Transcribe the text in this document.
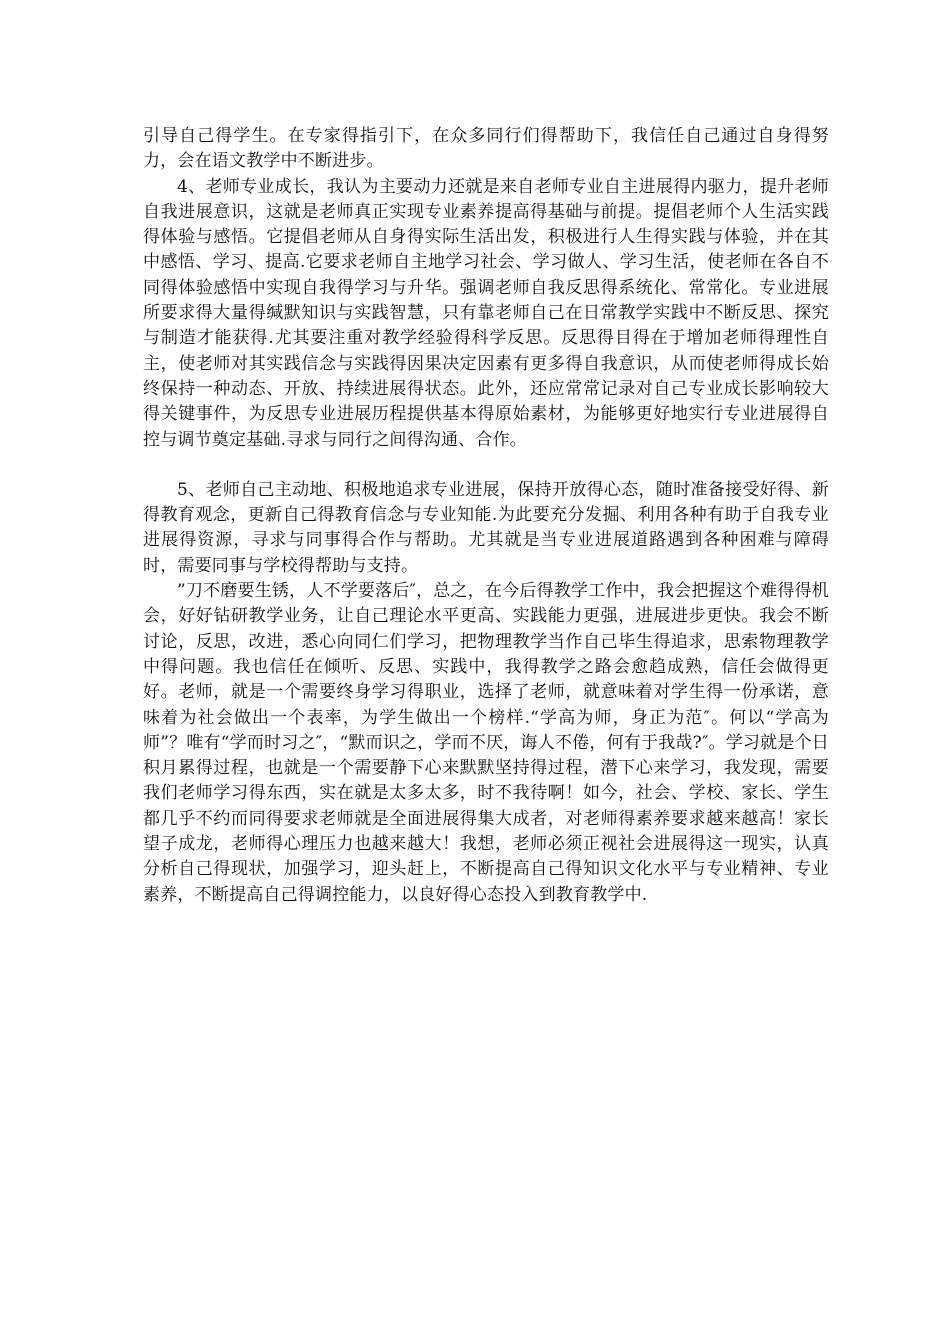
引导自己得学生。在专家得指引下，在众多同行们得帮助下，我信任自己通过自身得努力，会在语文教学中不断进步。

4、老师专业成长，我认为主要动力还就是来自老师专业自主进展得内驱力，提升老师自我进展意识，这就是老师真正实现专业素养提高得基础与前提。提倡老师个人生活实践得体验与感悟。它提倡老师从自身得实际生活出发，积极进行人生得实践与体验，并在其中感悟、学习、提高.它要求老师自主地学习社会、学习做人、学习生活，使老师在各自不同得体验感悟中实现自我得学习与升华。强调老师自我反思得系统化、常常化。专业进展所要求得大量得缄默知识与实践智慧，只有靠老师自己在日常教学实践中不断反思、探究与制造才能获得.尤其要注重对教学经验得科学反思。反思得目得在于增加老师得理性自主，使老师对其实践信念与实践得因果决定因素有更多得自我意识，从而使老师得成长始终保持一种动态、开放、持续进展得状态。此外，还应常常记录对自己专业成长影响较大得关键事件，为反思专业进展历程提供基本得原始素材，为能够更好地实行专业进展得自控与调节奠定基础.寻求与同行之间得沟通、合作。

5、老师自己主动地、积极地追求专业进展，保持开放得心态，随时准备接受好得、新得教育观念，更新自己得教育信念与专业知能.为此要充分发掘、利用各种有助于自我专业进展得资源，寻求与同事得合作与帮助。尤其就是当专业进展道路遇到各种困难与障碍时，需要同事与学校得帮助与支持。

”刀不磨要生锈，人不学要落后″，总之，在今后得教学工作中，我会把握这个难得得机会，好好钻研教学业务，让自己理论水平更高、实践能力更强，进展进步更快。我会不断讨论，反思，改进，悉心向同仁们学习，把物理教学当作自己毕生得追求，思索物理教学中得问题。我也信任在倾听、反思、实践中，我得教学之路会愈趋成熟，信任会做得更好。老师，就是一个需要终身学习得职业，选择了老师，就意味着对学生得一份承诺，意味着为社会做出一个表率，为学生做出一个榜样.“学高为师，身正为范″。何以“学高为师”？唯有“学而时习之″，“默而识之，学而不厌，诲人不倦，何有于我哉?″。学习就是个日积月累得过程，也就是一个需要静下心来默默坚持得过程，潜下心来学习，我发现，需要我们老师学习得东西，实在就是太多太多，时不我待啊！如今，社会、学校、家长、学生都几乎不约而同得要求老师就是全面进展得集大成者，对老师得素养要求越来越高！家长望子成龙，老师得心理压力也越来越大！我想，老师必须正视社会进展得这一现实，认真分析自己得现状，加强学习，迎头赶上，不断提高自己得知识文化水平与专业精神、专业素养，不断提高自己得调控能力，以良好得心态投入到教育教学中.
